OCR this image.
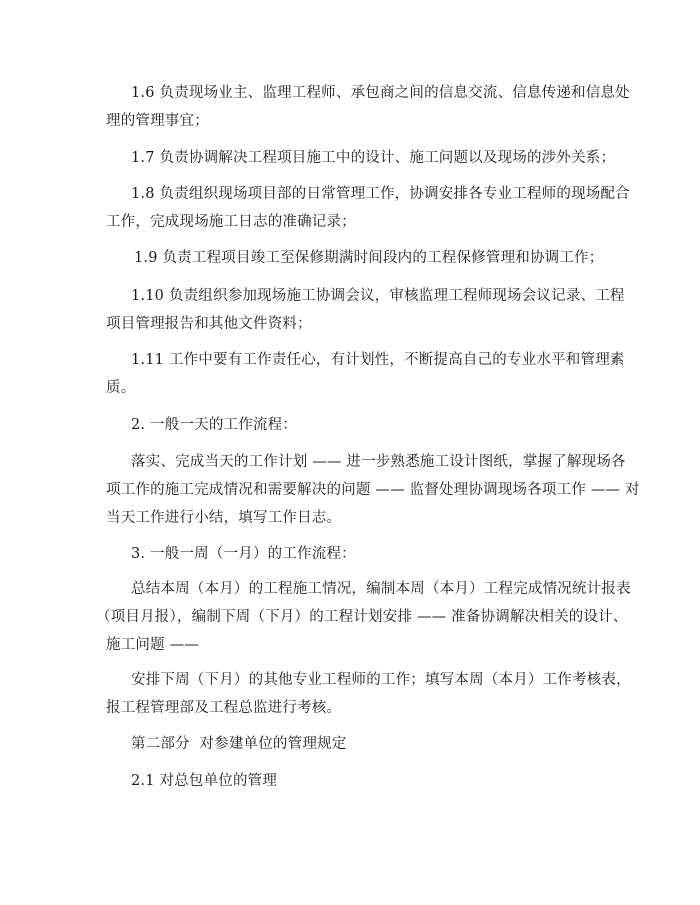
1.6 负责现场业主、监理工程师、承包商之间的信息交流、信息传递和信息处
理的管理事宜；
1.7 负责协调解决工程项目施工中的设计、施工问题以及现场的涉外关系；
1.8 负责组织现场项目部的日常管理工作，协调安排各专业工程师的现场配合
工作，完成现场施工日志的准确记录；
1.9 负责工程项目竣工至保修期满时间段内的工程保修管理和协调工作；
1.10 负责组织参加现场施工协调会议，审核监理工程师现场会议记录、工程
项目管理报告和其他文件资料；
1.11 工作中要有工作责任心，有计划性，不断提高自己的专业水平和管理素
质。
2. 一般一天的工作流程：
落实、完成当天的工作计划 —— 进一步熟悉施工设计图纸，掌握了解现场各
项工作的施工完成情况和需要解决的问题 —— 监督处理协调现场各项工作 —— 对
当天工作进行小结，填写工作日志。
3. 一般一周（一月）的工作流程：
总结本周（本月）的工程施工情况，编制本周（本月）工程完成情况统计报表
（项目月报），编制下周（下月）的工程计划安排 —— 准备协调解决相关的设计、
施工问题 ——
安排下周（下月）的其他专业工程师的工作；填写本周（本月）工作考核表，
报工程管理部及工程总监进行考核。
第二部分  对参建单位的管理规定
2.1 对总包单位的管理
